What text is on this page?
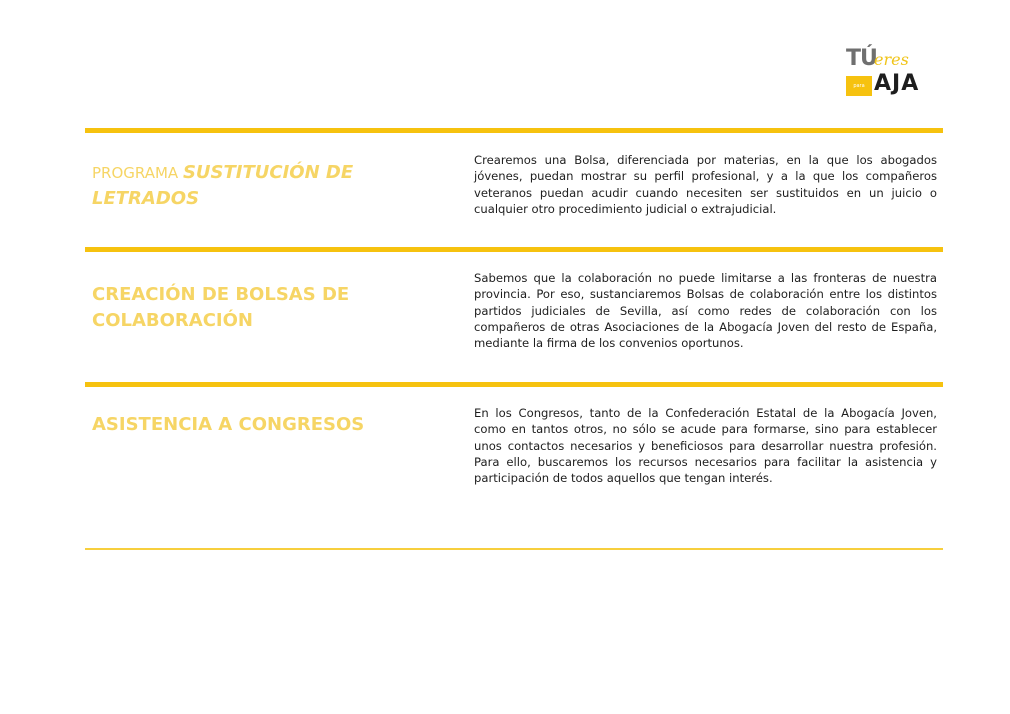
TÚ
eres
para AJA
PROGRAMA SUSTITUCIÓN DE LETRADOS

Crearemos una Bolsa, diferenciada por materias, en la que los abogados jóvenes, puedan mostrar su perfil profesional, y a la que los compañeros veteranos puedan acudir cuando necesiten ser sustituidos en un juicio o cualquier otro procedimiento judicial o extrajudicial.

CREACIÓN DE BOLSAS DE COLABORACIÓN

Sabemos que la colaboración no puede limitarse a las fronteras de nuestra provincia. Por eso, sustanciaremos Bolsas de colaboración entre los distintos partidos judiciales de Sevilla, así como redes de colaboración con los compañeros de otras Asociaciones de la Abogacía Joven del resto de España, mediante la firma de los convenios oportunos.

ASISTENCIA A CONGRESOS

En los Congresos, tanto de la Confederación Estatal de la Abogacía Joven, como en tantos otros, no sólo se acude para formarse, sino para establecer unos contactos necesarios y beneficiosos para desarrollar nuestra profesión. Para ello, buscaremos los recursos necesarios para facilitar la asistencia y participación de todos aquellos que tengan interés.
